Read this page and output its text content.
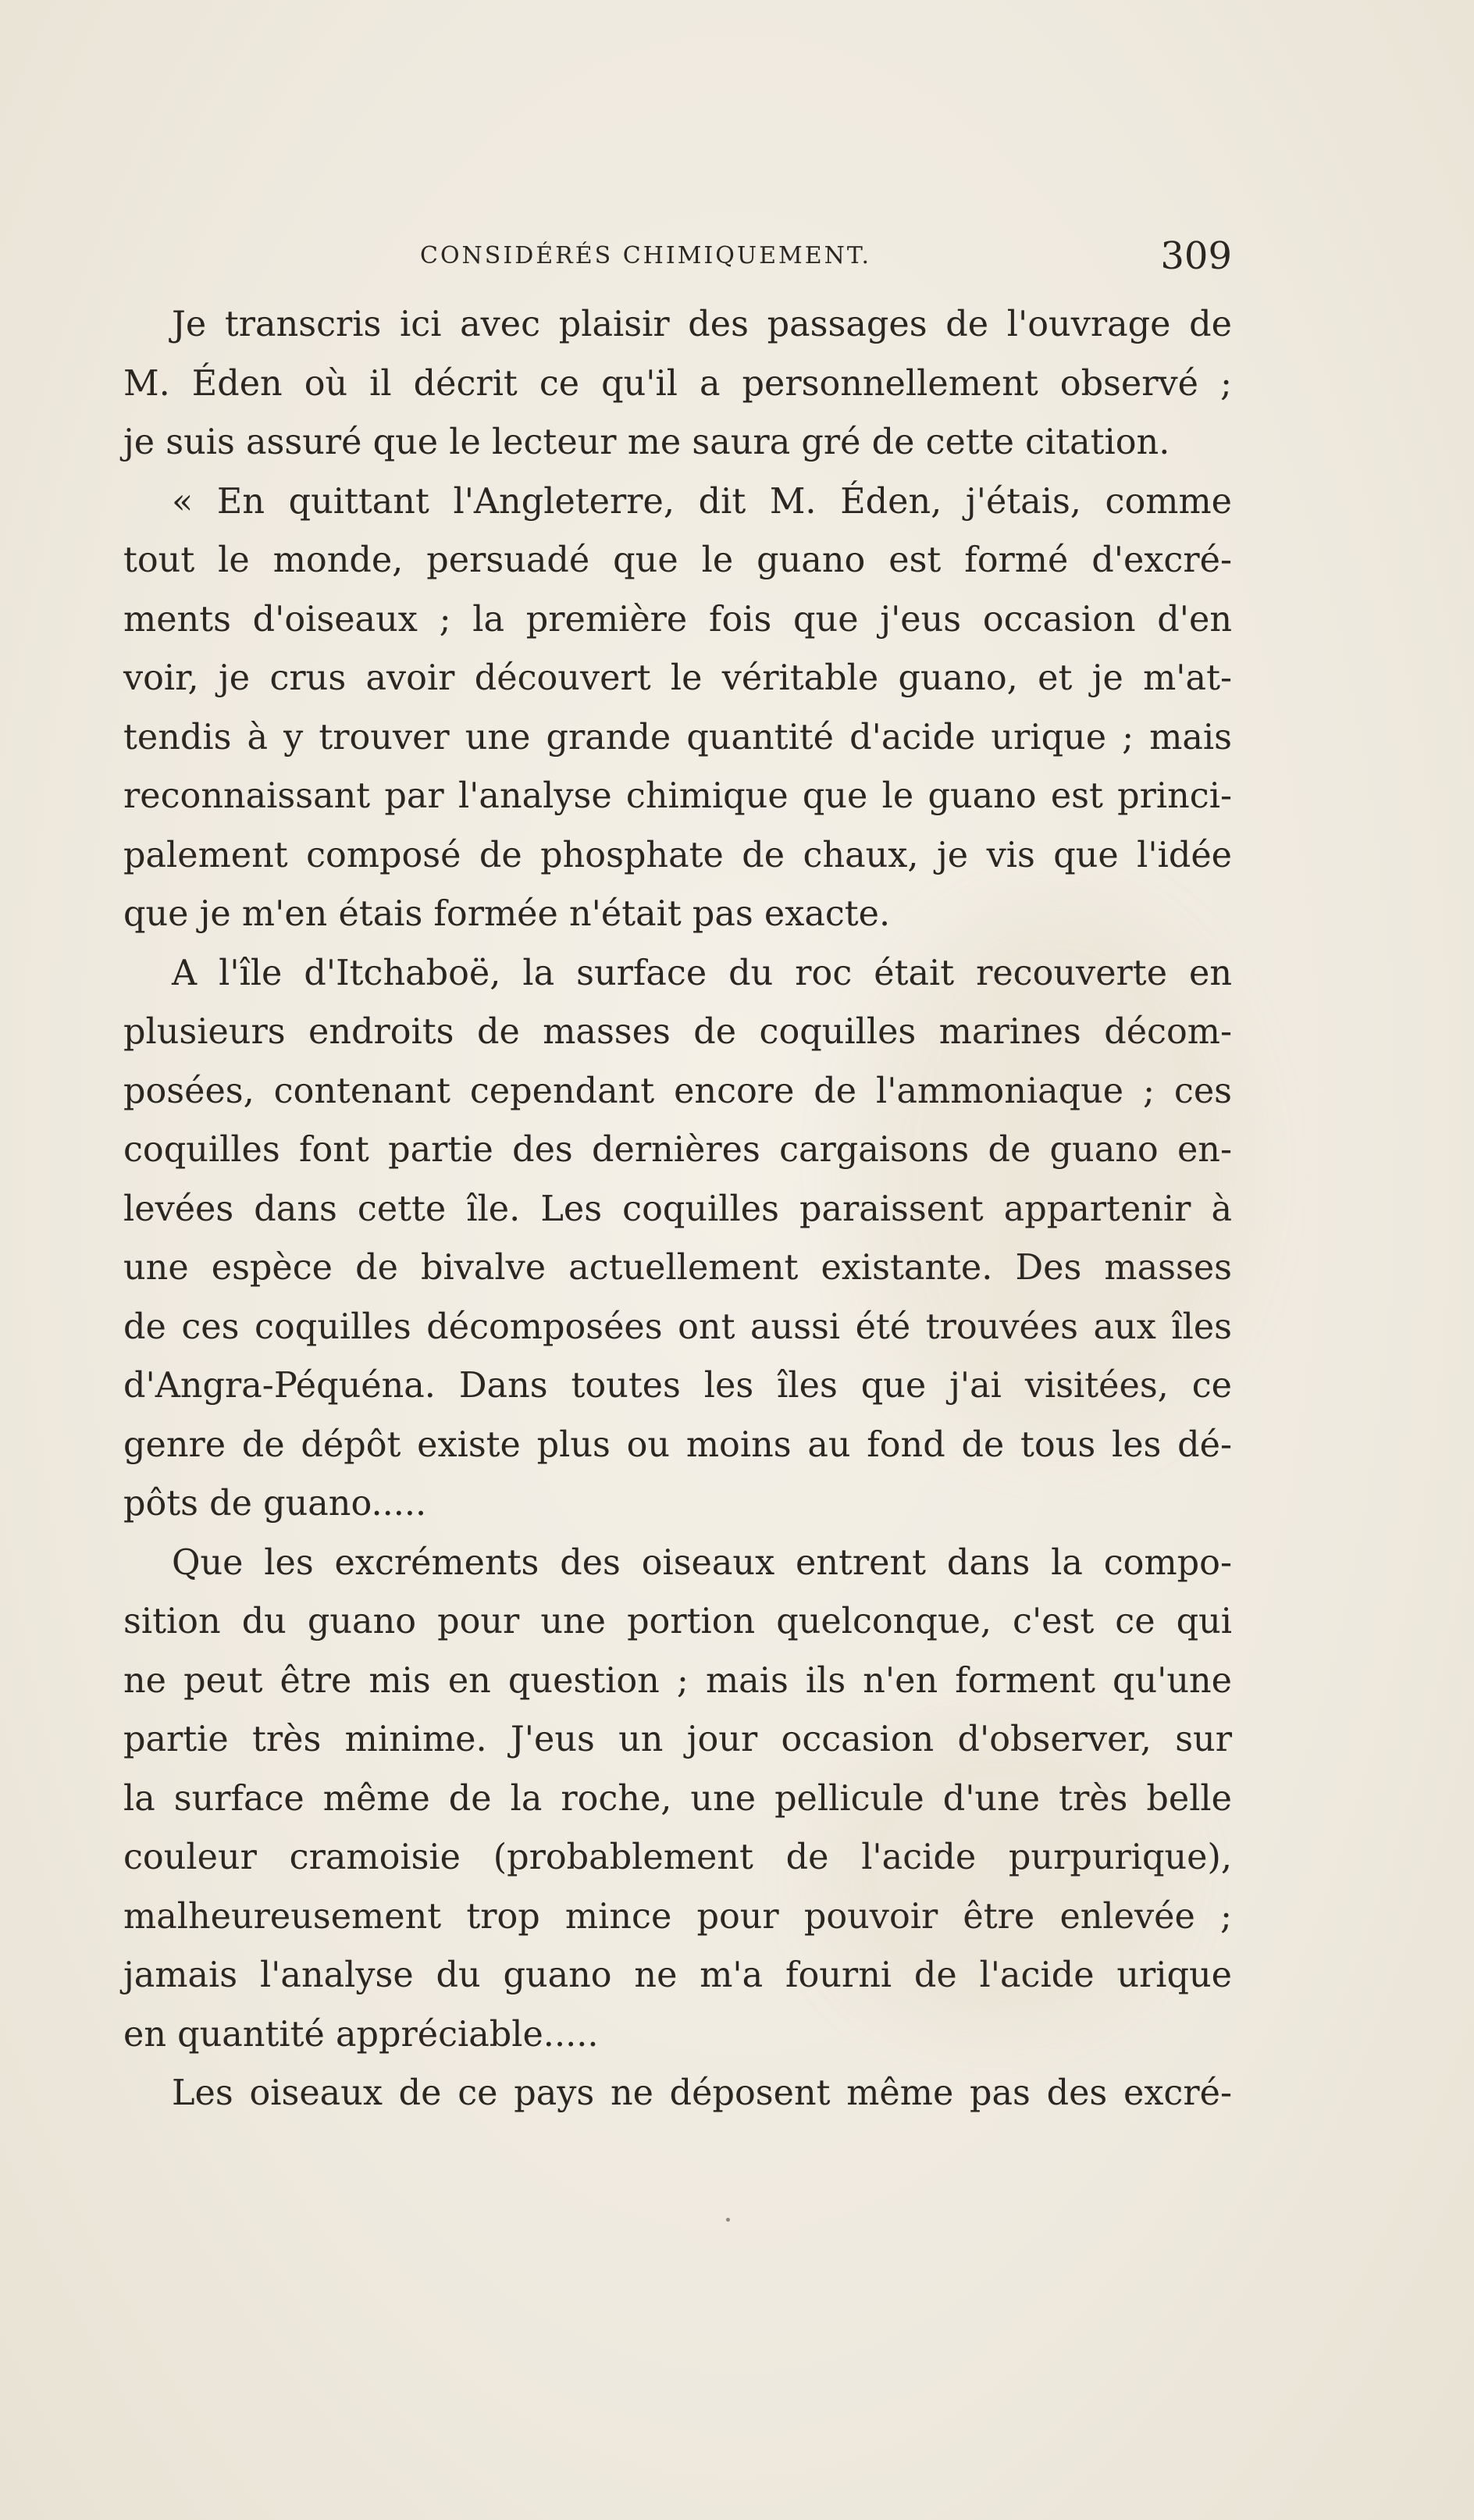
CONSIDÉRÉS CHIMIQUEMENT.	309

Je transcris ici avec plaisir des passages de l'ouvrage de
M. Éden où il décrit ce qu'il a personnellement observé ;
je suis assuré que le lecteur me saura gré de cette citation.

« En quittant l'Angleterre, dit M. Éden, j'étais, comme
tout le monde, persuadé que le guano est formé d'excré-
ments d'oiseaux ; la première fois que j'eus occasion d'en
voir, je crus avoir découvert le véritable guano, et je m'at-
tendis à y trouver une grande quantité d'acide urique ; mais
reconnaissant par l'analyse chimique que le guano est princi-
palement composé de phosphate de chaux, je vis que l'idée
que je m'en étais formée n'était pas exacte.

A l'île d'Itchaboë, la surface du roc était recouverte en
plusieurs endroits de masses de coquilles marines décom-
posées, contenant cependant encore de l'ammoniaque ; ces
coquilles font partie des dernières cargaisons de guano en-
levées dans cette île. Les coquilles paraissent appartenir à
une espèce de bivalve actuellement existante. Des masses
de ces coquilles décomposées ont aussi été trouvées aux îles
d'Angra-Péquéna. Dans toutes les îles que j'ai visitées, ce
genre de dépôt existe plus ou moins au fond de tous les dé-
pôts de guano.....

Que les excréments des oiseaux entrent dans la compo-
sition du guano pour une portion quelconque, c'est ce qui
ne peut être mis en question ; mais ils n'en forment qu'une
partie très minime. J'eus un jour occasion d'observer, sur
la surface même de la roche, une pellicule d'une très belle
couleur cramoisie (probablement de l'acide purpurique),
malheureusement trop mince pour pouvoir être enlevée ;
jamais l'analyse du guano ne m'a fourni de l'acide urique
en quantité appréciable.....

Les oiseaux de ce pays ne déposent même pas des excré-
